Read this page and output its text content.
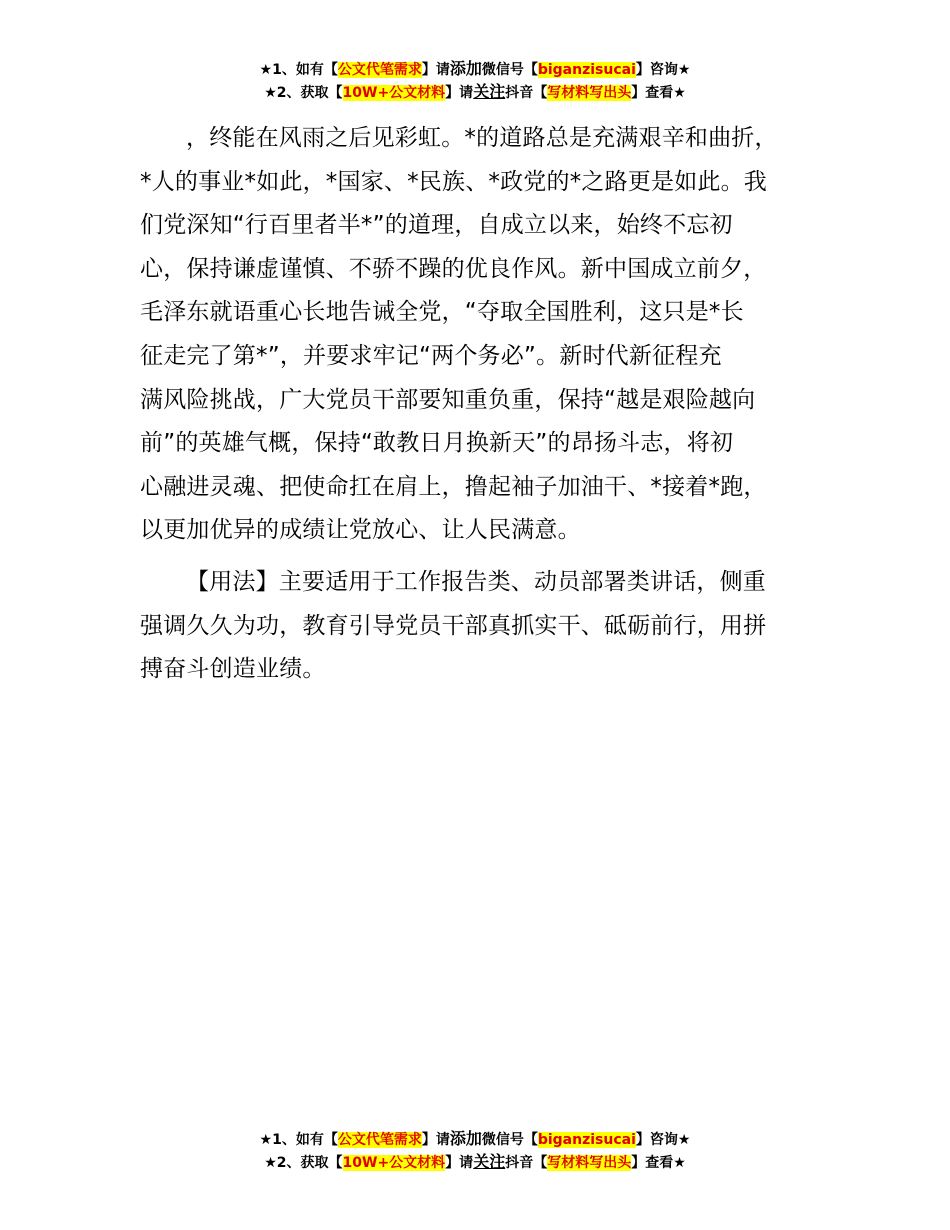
★1、如有【公文代笔需求】请添加微信号【biganzisucai】咨询★
★2、获取【10W+公文材料】请关注抖音【写材料写出头】查看★

，终能在风雨之后见彩虹。*的道路总是充满艰辛和曲折，
*人的事业*如此，*国家、*民族、*政党的*之路更是如此。我
们党深知“行百里者半*”的道理，自成立以来，始终不忘初
心，保持谦虚谨慎、不骄不躁的优良作风。新中国成立前夕，
毛泽东就语重心长地告诫全党，“夺取全国胜利，这只是*长
征走完了第*”，并要求牢记“两个务必”。新时代新征程充
满风险挑战，广大党员干部要知重负重，保持“越是艰险越向
前”的英雄气概，保持“敢教日月换新天”的昂扬斗志，将初
心融进灵魂、把使命扛在肩上，撸起袖子加油干、*接着*跑，
以更加优异的成绩让党放心、让人民满意。

【用法】主要适用于工作报告类、动员部署类讲话，侧重
强调久久为功，教育引导党员干部真抓实干、砥砺前行，用拼
搏奋斗创造业绩。

★1、如有【公文代笔需求】请添加微信号【biganzisucai】咨询★
★2、获取【10W+公文材料】请关注抖音【写材料写出头】查看★
